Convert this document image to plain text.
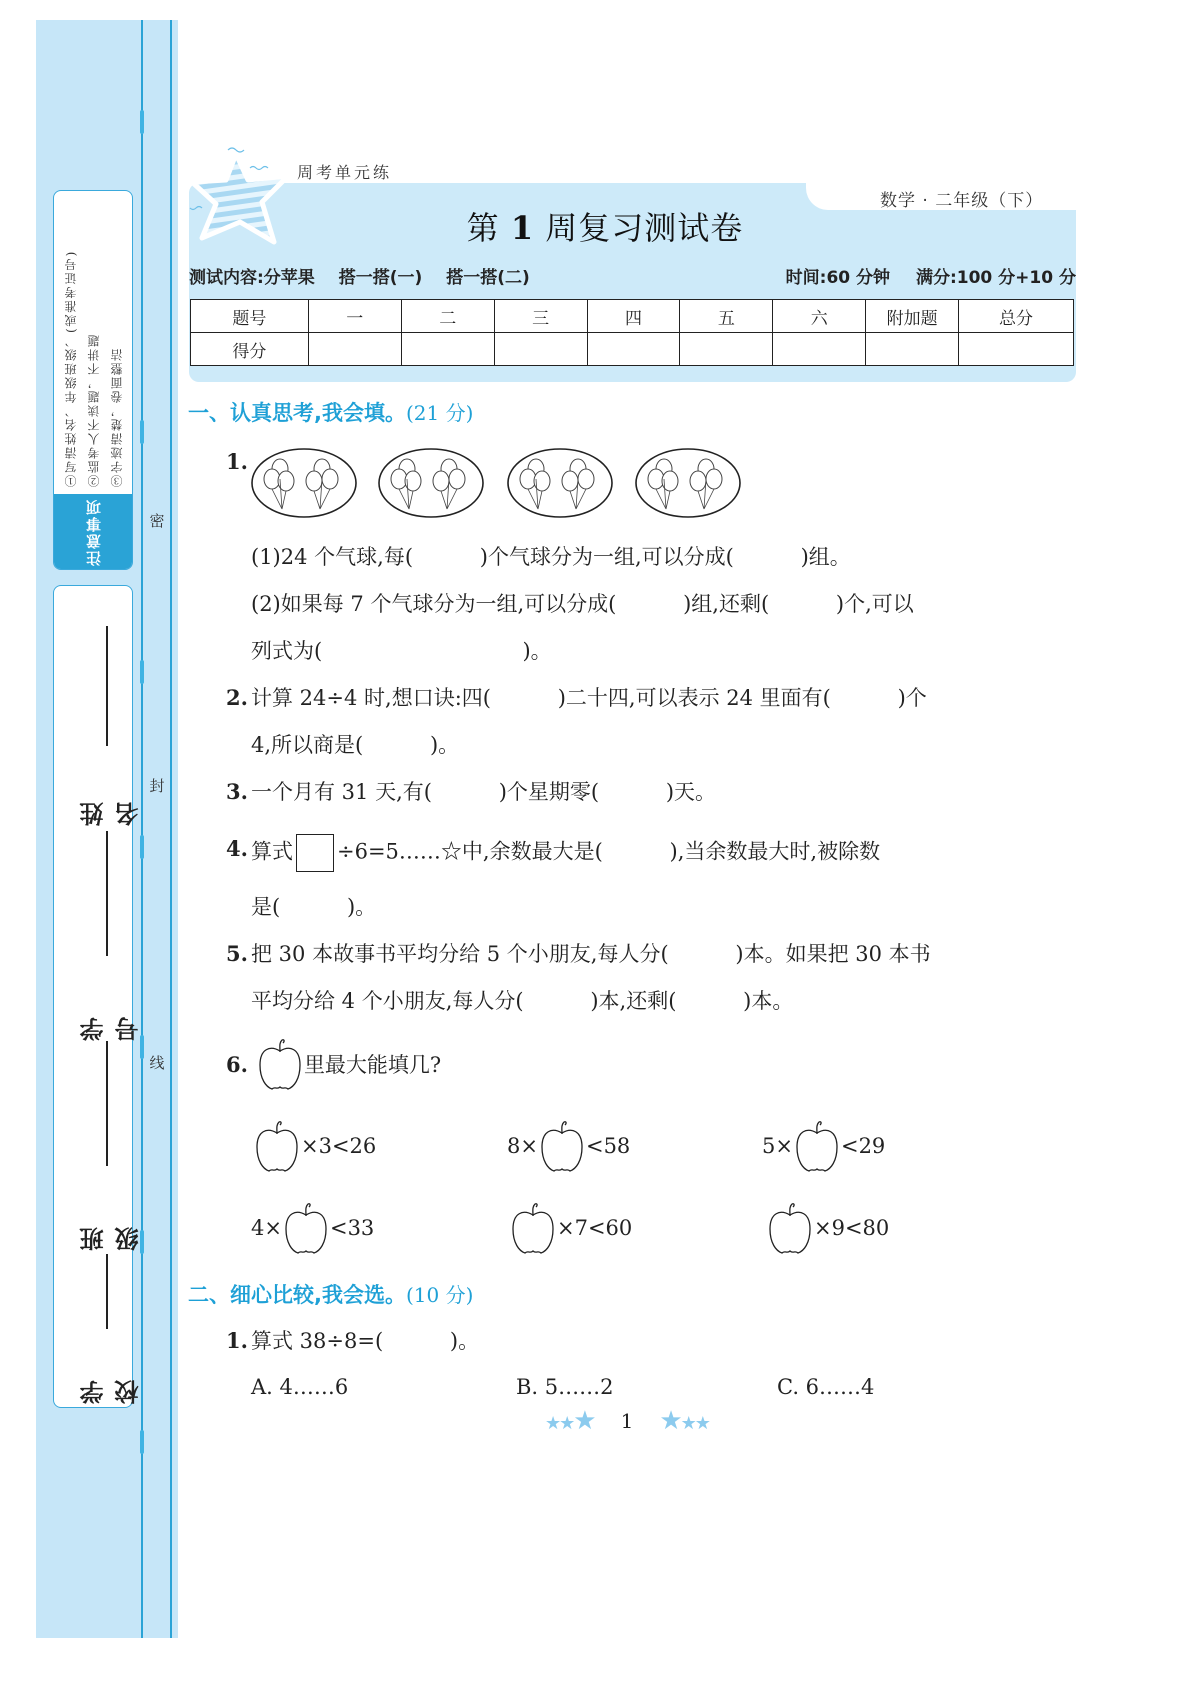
密
封
线
①写清姓名、年级班级、(或准考证号) ②监考人不读题，不讲题 ③字迹清楚，卷面整洁
注意事项
姓名
学号
班级
学校
周考单元练
数学 · 二年级（下）
第 1 周复习测试卷
测试内容:分苹果 搭一搭(一) 搭一搭(二)	时间:60 分钟 满分:100 分+10 分
题号	一	二	三	四	五	六	附加题	总分
得分								
一、认真思考,我会填。(21 分)
1.
(1)24 个气球,每(          )个气球分为一组,可以分成(          )组。
(2)如果每 7 个气球分为一组,可以分成(          )组,还剩(          )个,可以
列式为(                              )。
2. 计算 24÷4 时,想口诀:四(          )二十四,可以表示 24 里面有(          )个
4,所以商是(          )。
3. 一个月有 31 天,有(          )个星期零(          )天。
4. 算式 ÷6=5……☆中,余数最大是(          ),当余数最大时,被除数
是(          )。
5. 把 30 本故事书平均分给 5 个小朋友,每人分(          )本。如果把 30 本书
平均分给 4 个小朋友,每人分(          )本,还剩(          )本。
6.	里最大能填几?
×3<26	8× <58	5× <29
4× <33	×7<60	×9<80
二、细心比较,我会选。(10 分)
1. 算式 38÷8=(          )。
A. 4……6	B. 5……2	C. 6……4
★★★ 1 ★★★
